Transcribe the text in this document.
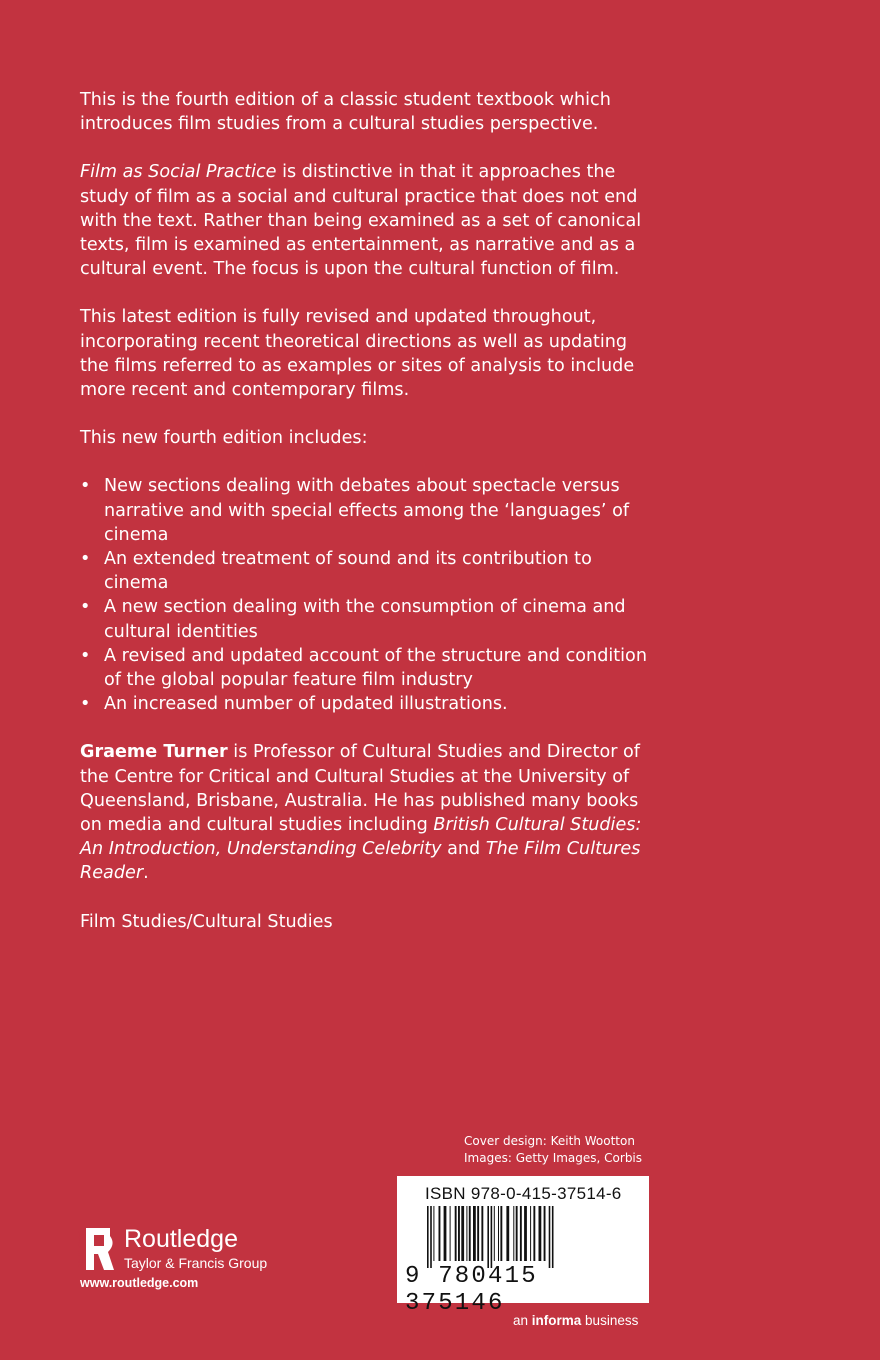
This is the fourth edition of a classic student textbook which introduces film studies from a cultural studies perspective.

Film as Social Practice is distinctive in that it approaches the study of film as a social and cultural practice that does not end with the text. Rather than being examined as a set of canonical texts, film is examined as entertainment, as narrative and as a cultural event. The focus is upon the cultural function of film.

This latest edition is fully revised and updated throughout, incorporating recent theoretical directions as well as updating the films referred to as examples or sites of analysis to include more recent and contemporary films.

This new fourth edition includes:

• New sections dealing with debates about spectacle versus narrative and with special effects among the ‘languages’ of cinema
• An extended treatment of sound and its contribution to cinema
• A new section dealing with the consumption of cinema and cultural identities
• A revised and updated account of the structure and condition of the global popular feature film industry
• An increased number of updated illustrations.

Graeme Turner is Professor of Cultural Studies and Director of the Centre for Critical and Cultural Studies at the University of Queensland, Brisbane, Australia. He has published many books on media and cultural studies including British Cultural Studies: An Introduction, Understanding Celebrity and The Film Cultures Reader.

Film Studies/Cultural Studies

Cover design: Keith Wootton
Images: Getty Images, Corbis
ISBN 978-0-415-37514-6
9 780415 375146
ROUTLEDGE Routledge
Taylor & Francis Group
www.routledge.com
an informa business
